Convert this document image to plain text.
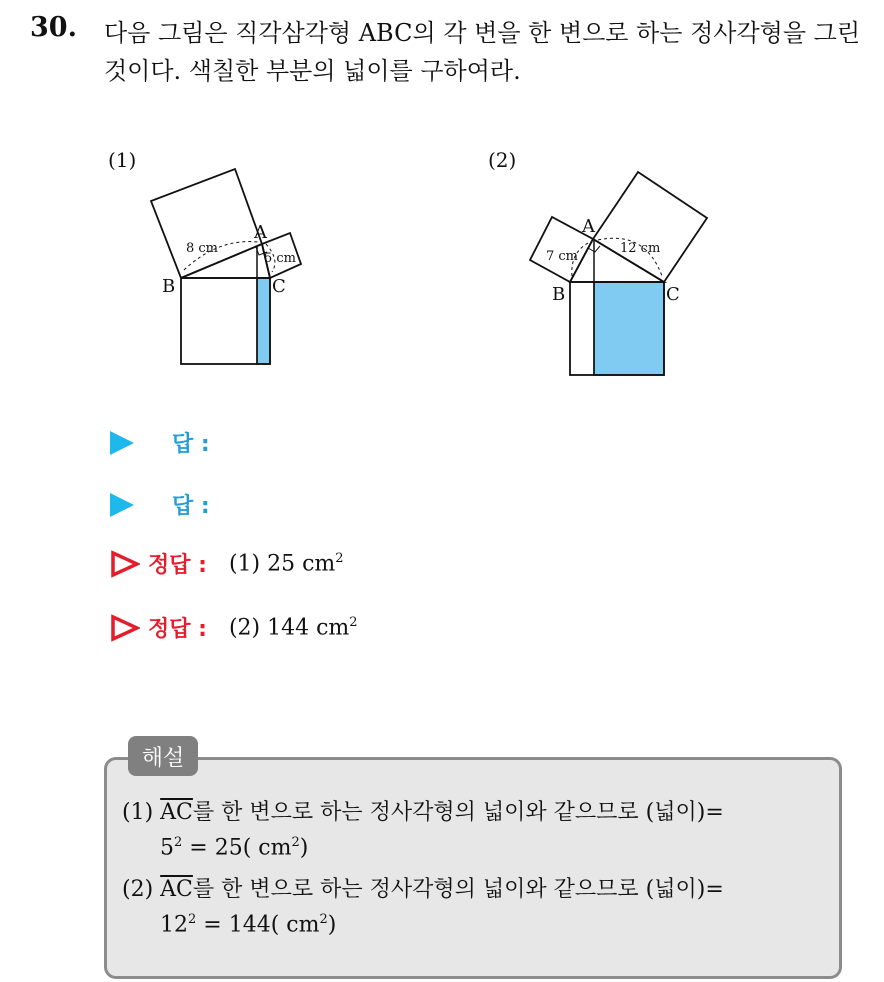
30. 다음 그림은 직각삼각형 ABC의 각 변을 한 변으로 하는 정사각형을 그린 것이다. 색칠한 부분의 넓이를 구하여라.
(1)
A
B	C
8 cm
5 cm
(2)
A
B	C
7 cm
12 cm
답 :
답 :
정답 : (1) 25 $cm^2$
정답 : (2) 144 $cm^2$
해설
(1) $\overline{AC}$를 한 변으로 하는 정사각형의 넓이와 같으므로 (넓이)=
$5^2 = 25$( $cm^2$)
(2) $\overline{AC}$를 한 변으로 하는 정사각형의 넓이와 같으므로 (넓이)=
$12^2 = 144$( $cm^2$)
